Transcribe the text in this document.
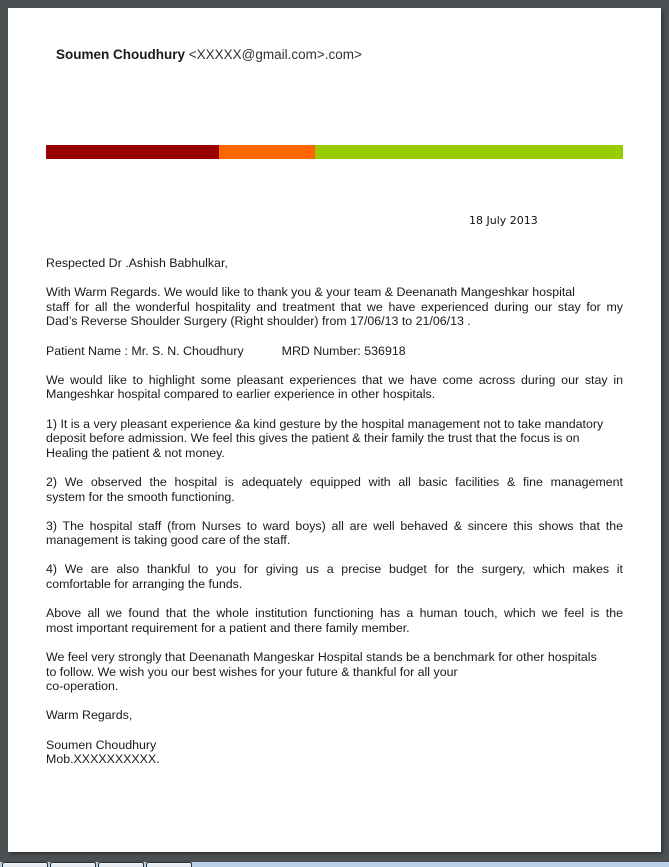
Soumen Choudhury <XXXXX@gmail.com>.com>
18 July 2013

Respected Dr .Ashish Babhulkar,

With Warm Regards. We would like to thank you & your team & Deenanath Mangeshkar hospital
staff for all the wonderful hospitality and treatment that we have experienced during our stay for my
Dad’s Reverse Shoulder Surgery (Right shoulder) from 17/06/13 to 21/06/13 .

Patient Name : Mr. S. N. Choudhury	MRD Number: 536918

We would like to highlight some pleasant experiences that we have come across during our stay in
Mangeshkar hospital compared to earlier experience in other hospitals.

1) It is a very pleasant experience &a kind gesture by the hospital management not to take mandatory
deposit before admission. We feel this gives the patient & their family the trust that the focus is on
Healing the patient & not money.

2) We observed the hospital is adequately equipped with all basic facilities & fine management
system for the smooth functioning.

3) The hospital staff (from Nurses to ward boys) all are well behaved & sincere this shows that the
management is taking good care of the staff.

4) We are also thankful to you for giving us a precise budget for the surgery, which makes it
comfortable for arranging the funds.

Above all we found that the whole institution functioning has a human touch, which we feel is the
most important requirement for a patient and there family member.

We feel very strongly that Deenanath Mangeskar Hospital stands be a benchmark for other hospitals
to follow. We wish you our best wishes for your future & thankful for all your
co-operation.

Warm Regards,

Soumen Choudhury
Mob.XXXXXXXXXX.
